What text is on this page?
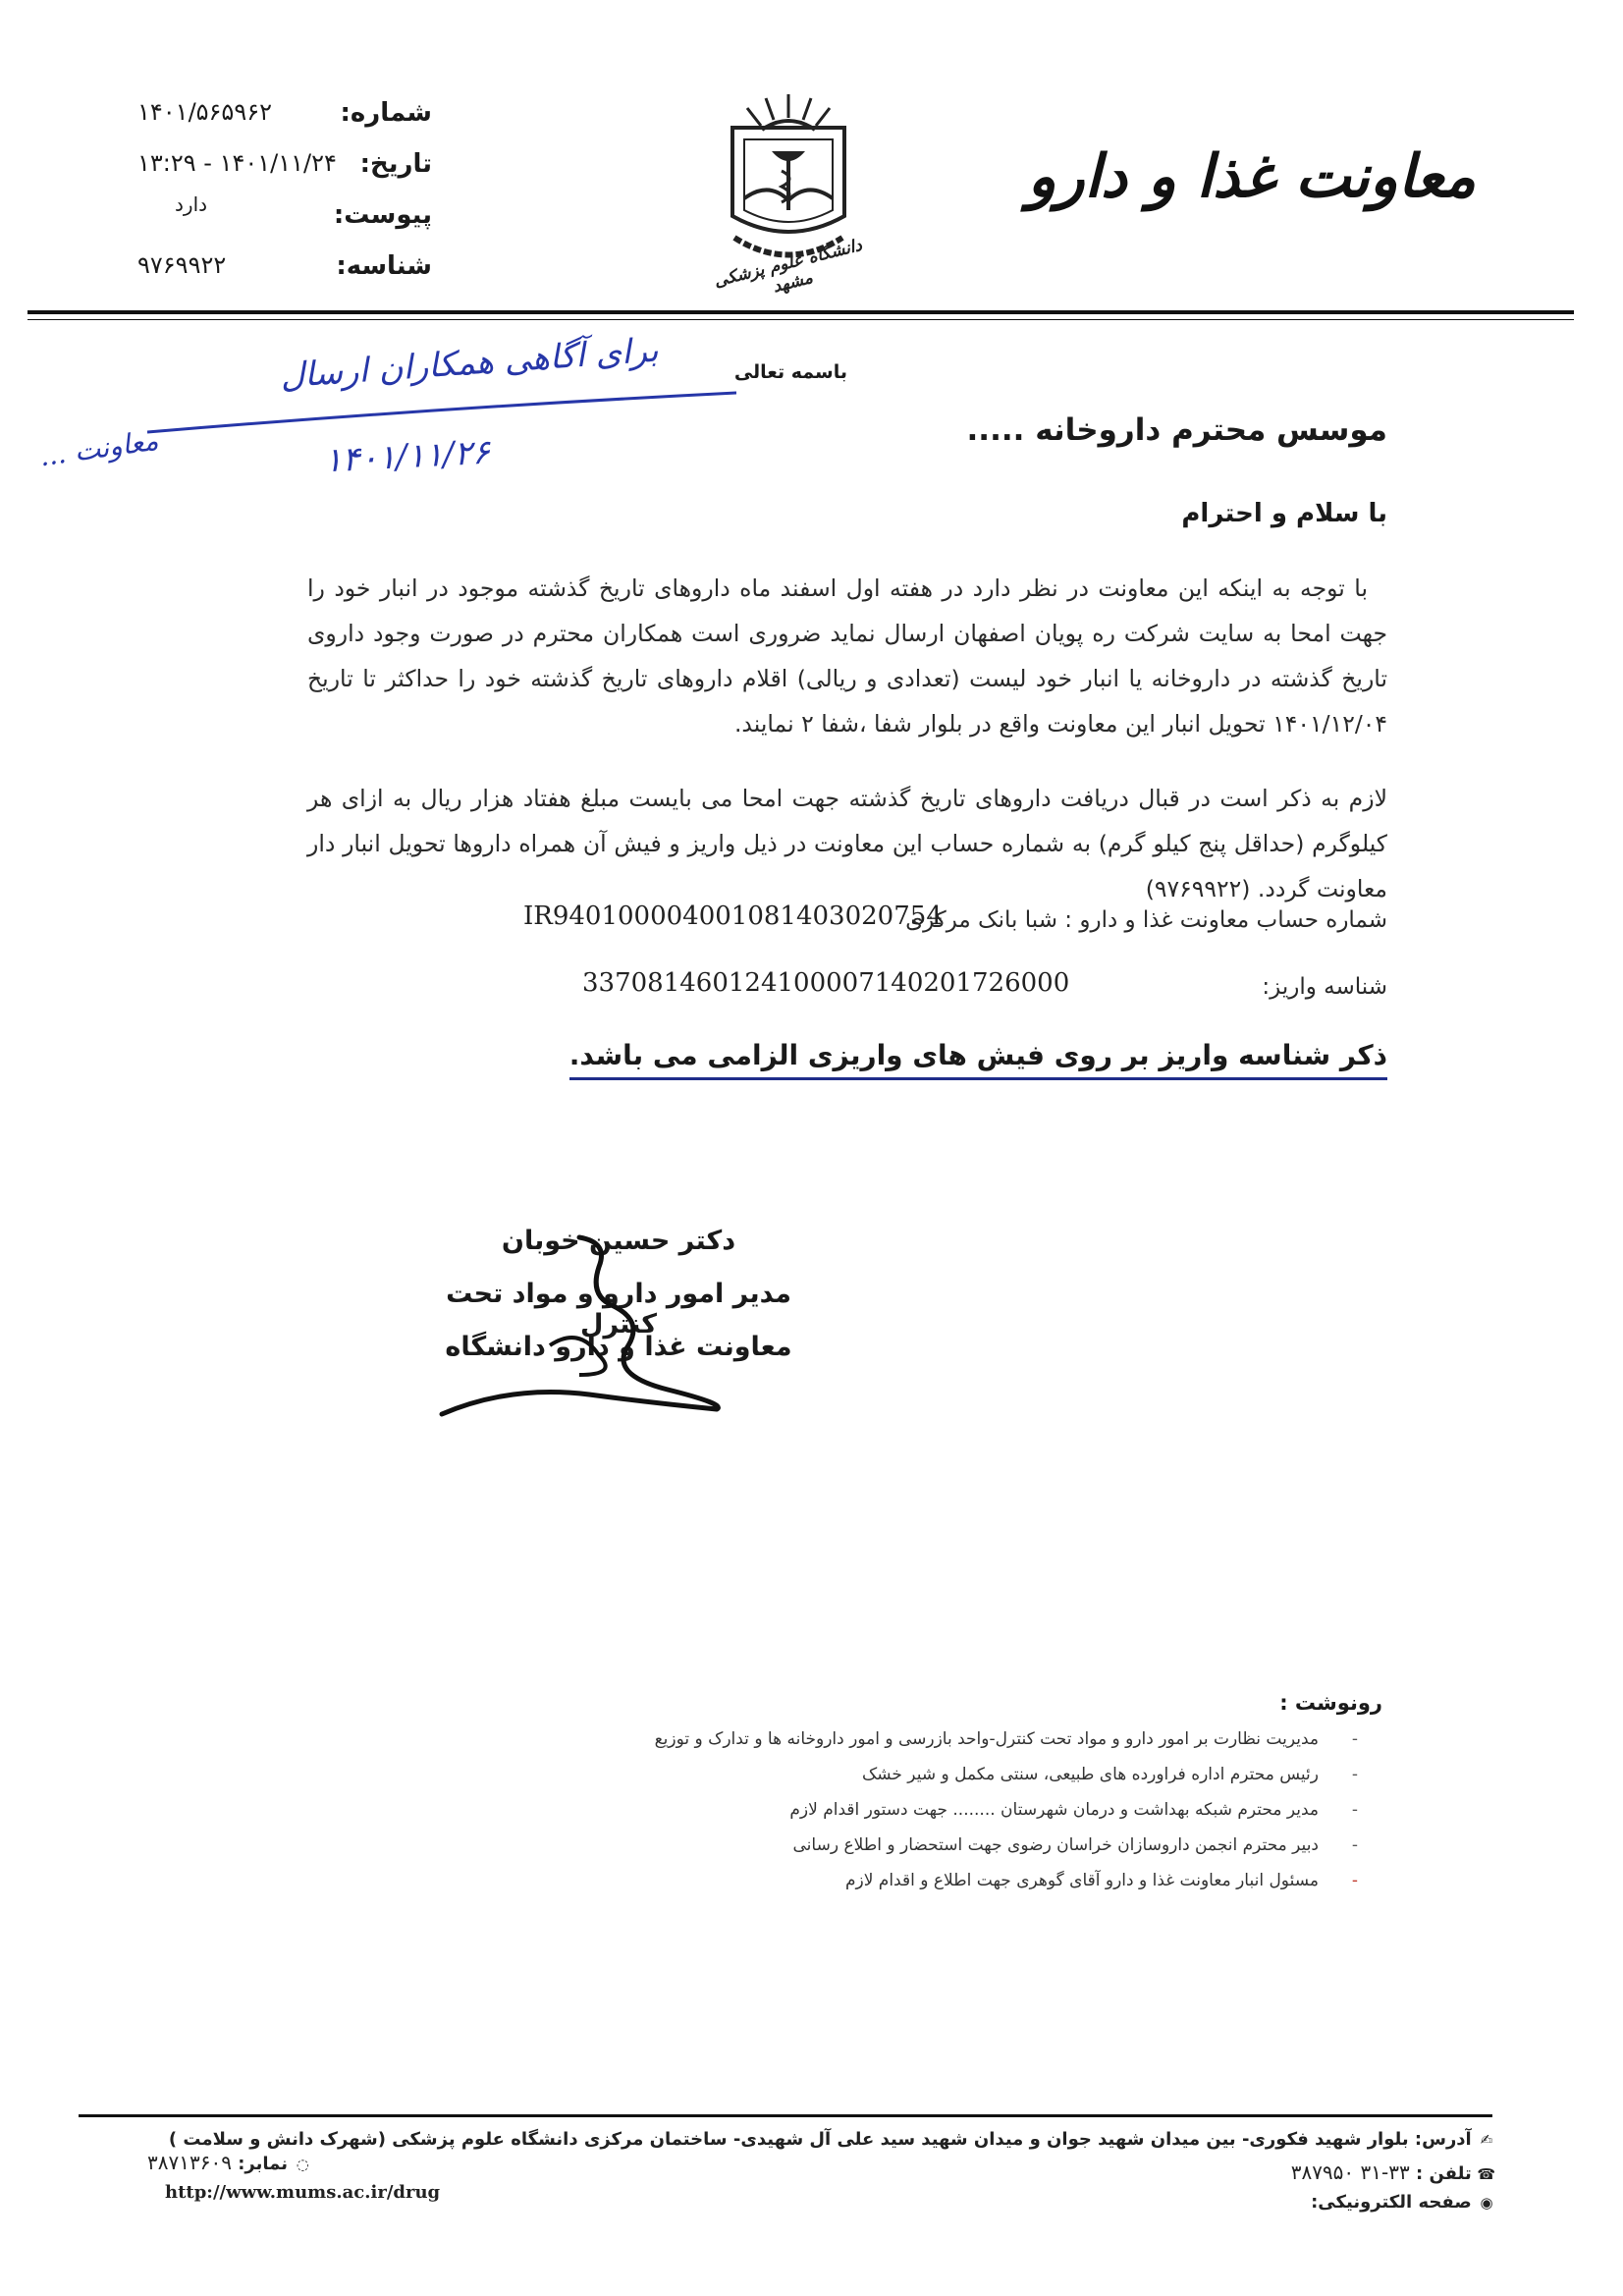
معاونت غذا و دارو
دانشگاه علوم پزشکی مشهد
شماره:
۱۴۰۱/۵۶۵۹۶۲
تاریخ:
۱۳:۲۹ - ۱۴۰۱/۱۱/۲۴
پیوست:
دارد
شناسه:
۹۷۶۹۹۲۲
برای آگاهی همکاران ارسال
۱۴۰۱/۱۱/۲۶
معاونت ...
باسمه تعالی
موسس محترم داروخانه .....
با سلام و احترام

با توجه به اینکه این معاونت در نظر دارد در هفته اول اسفند ماه داروهای تاریخ گذشته موجود در انبار خود را جهت امحا به سایت شرکت ره پویان اصفهان ارسال نماید ضروری است همکاران محترم در صورت وجود داروی تاریخ گذشته در داروخانه یا انبار خود لیست (تعدادی و ریالی) اقلام داروهای تاریخ گذشته خود را حداکثر تا تاریخ ۱۴۰۱/۱۲/۰۴ تحویل انبار این معاونت واقع در بلوار شفا ،شفا ۲ نمایند.

لازم به ذکر است در قبال دریافت داروهای تاریخ گذشته جهت امحا می بایست مبلغ هفتاد هزار ریال به ازای هر کیلوگرم (حداقل پنج کیلو گرم) به شماره حساب این معاونت در ذیل واریز و فیش آن همراه داروها تحویل انبار دار معاونت گردد. (۹۷۶۹۹۲۲)

شماره حساب معاونت غذا و دارو : شبا بانک مرکزی
IR940100004001081403020754
شناسه واریز:
337081460124100007140201726000
ذکر شناسه واریز بر روی فیش های واریزی الزامی می باشد.
دکتر حسین خوبان
مدیر امور دارو و مواد تحت کنترل
معاونت غذا و دارو دانشگاه
رونوشت :
-
مدیریت نظارت بر امور دارو و مواد تحت کنترل-واحد بازرسی و امور داروخانه ها و تدارک و توزیع
-
رئیس محترم اداره فراورده های طبیعی، سنتی مکمل و شیر خشک
-
مدیر محترم شبکه بهداشت و درمان شهرستان ........ جهت دستور اقدام لازم
-
دبیر محترم انجمن داروسازان خراسان رضوی جهت استحضار و اطلاع رسانی
-
مسئول انبار معاونت غذا و دارو آقای گوهری جهت اطلاع و اقدام لازم
✍ آدرس: بلوار شهید فکوری- بین میدان شهید جوان و میدان شهید سید علی آل شهیدی- ساختمان مرکزی دانشگاه علوم پزشکی (شهرک دانش و سلامت )
☎ تلفن : ۳۳-۳۱ ۳۸۷۹۵۰
◉ صفحه الکترونیکی:
◌ نمابر: ۳۸۷۱۳۶۰۹
http://www.mums.ac.ir/drug
